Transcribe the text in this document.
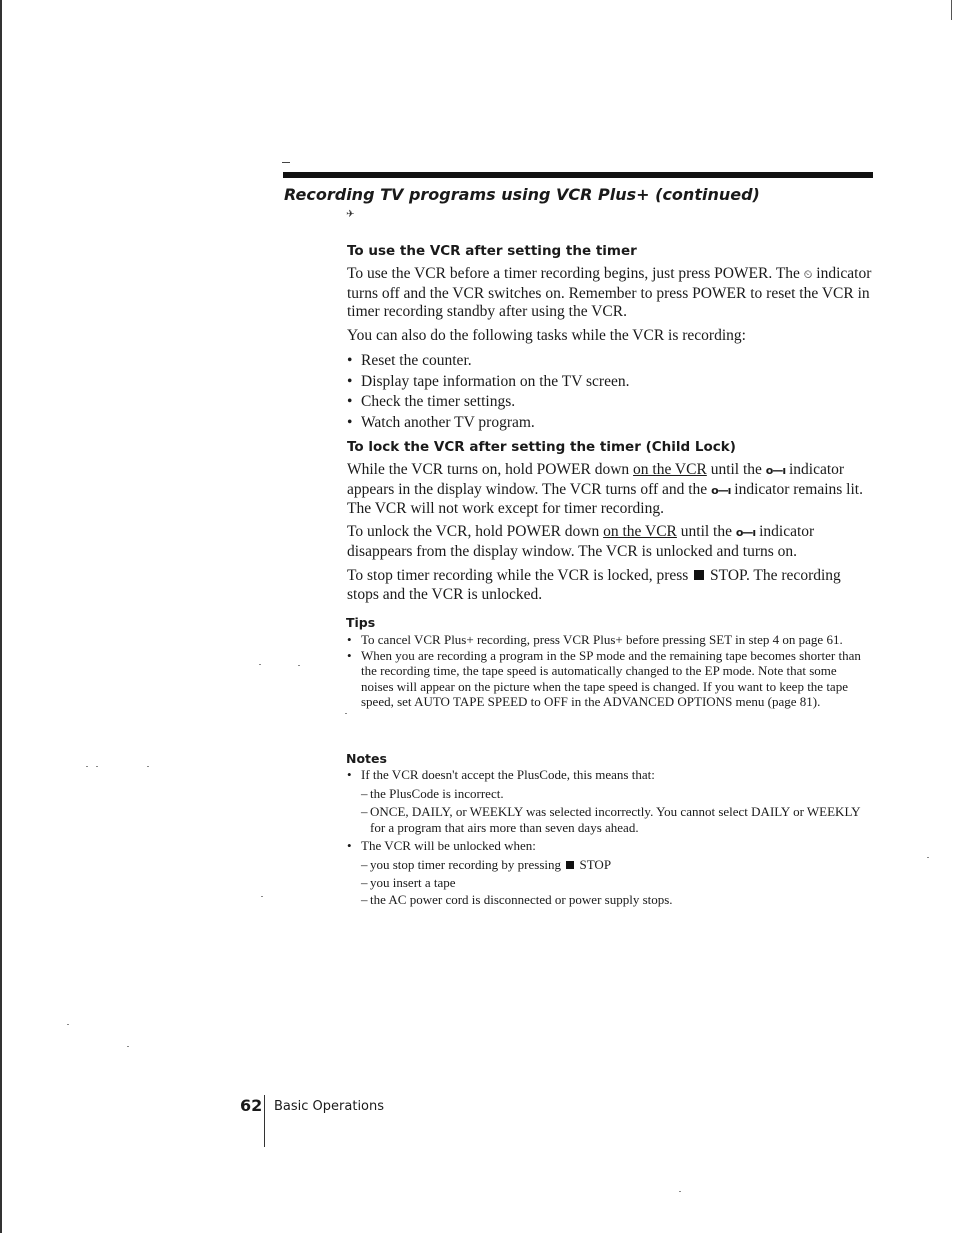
Recording TV programs using VCR Plus+ (continued)
✈
To use the VCR after setting the timer

To use the VCR before a timer recording begins, just press POWER. The ⏲ indicator turns off and the VCR switches on. Remember to press POWER to reset the VCR in timer recording standby after using the VCR.

You can also do the following tasks while the VCR is recording:

• Reset the counter.
• Display tape information on the TV screen.
• Check the timer settings.
• Watch another TV program.
To lock the VCR after setting the timer (Child Lock)

While the VCR turns on, hold POWER down on the VCR until the o—ı indicator appears in the display window. The VCR turns off and the o—ı indicator remains lit. The VCR will not work except for timer recording.

To unlock the VCR, hold POWER down on the VCR until the o—ı indicator disappears from the display window. The VCR is unlocked and turns on.

To stop timer recording while the VCR is locked, press STOP. The recording stops and the VCR is unlocked.

Tips
• To cancel VCR Plus+ recording, press VCR Plus+ before pressing SET in step 4 on page 61.
• When you are recording a program in the SP mode and the remaining tape becomes shorter than the recording time, the tape speed is automatically changed to the EP mode. Note that some noises will appear on the picture when the tape speed is changed. If you want to keep the tape speed, set AUTO TAPE SPEED to OFF in the ADVANCED OPTIONS menu (page 81).
Notes
• If the VCR doesn't accept the PlusCode, this means that:
– the PlusCode is incorrect.
– ONCE, DAILY, or WEEKLY was selected incorrectly. You cannot select DAILY or WEEKLY for a program that airs more than seven days ahead.
• The VCR will be unlocked when:
– you stop timer recording by pressing STOP
– you insert a tape
– the AC power cord is disconnected or power supply stops.
62 Basic Operations
